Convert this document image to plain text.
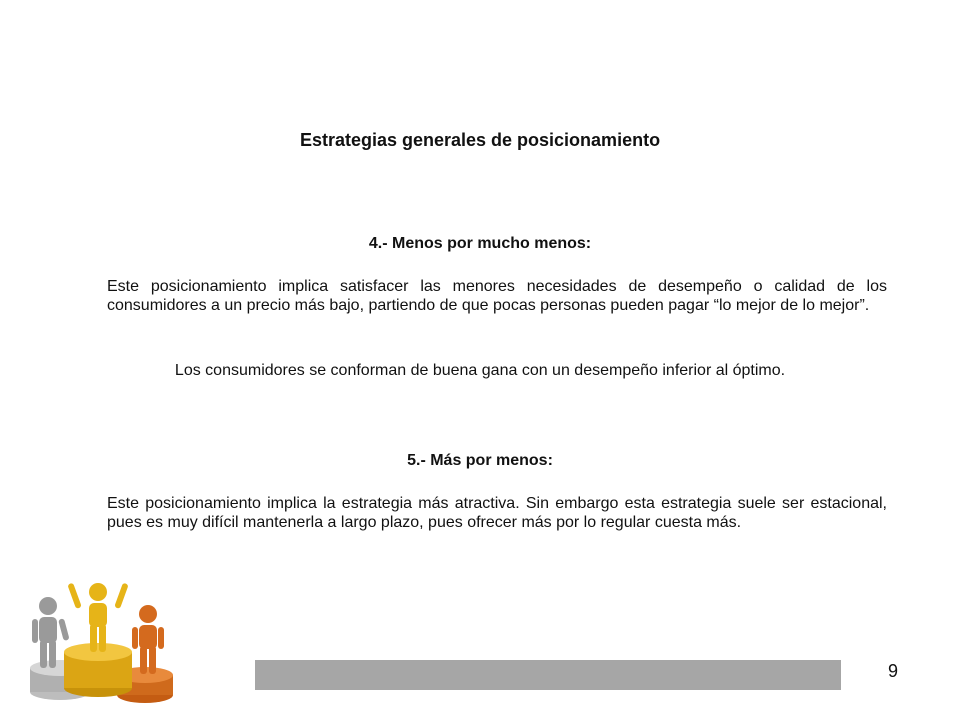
Estrategias generales de posicionamiento
4.- Menos por mucho menos:
Este posicionamiento implica satisfacer las menores necesidades de desempeño o calidad de los consumidores a un precio más bajo, partiendo de que pocas personas pueden pagar “lo mejor de lo mejor”.
Los consumidores se conforman de buena gana con un desempeño inferior al óptimo.
5.- Más por menos:
Este posicionamiento implica la estrategia más atractiva. Sin embargo esta estrategia suele ser estacional, pues es muy difícil mantenerla a largo plazo, pues ofrecer más por lo regular cuesta más.
9
